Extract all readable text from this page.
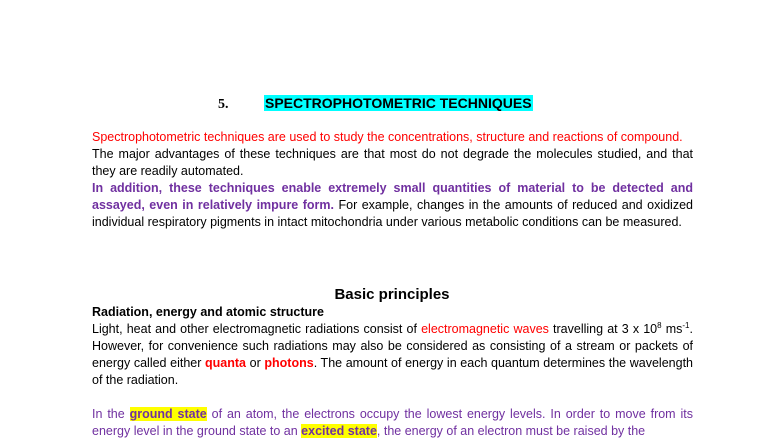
5.	SPECTROPHOTOMETRIC TECHNIQUES

Spectrophotometric techniques are used to study the concentrations, structure and reactions of compound.

The major advantages of these techniques are that most do not degrade the molecules studied, and that they are readily automated.

In addition, these techniques enable extremely small quantities of material to be detected and assayed, even in relatively impure form. For example, changes in the amounts of reduced and oxidized individual respiratory pigments in intact mitochondria under various metabolic conditions can be measured.

Basic principles

Radiation, energy and atomic structure

Light, heat and other electromagnetic radiations consist of electromagnetic waves travelling at 3 x $10^8$ $ms^{-1}$. However, for convenience such radiations may also be considered as consisting of a stream or packets of energy called either quanta or photons. The amount of energy in each quantum determines the wavelength of the radiation.

In the ground state of an atom, the electrons occupy the lowest energy levels. In order to move from its energy level in the ground state to an excited state, the energy of an electron must be raised by the
